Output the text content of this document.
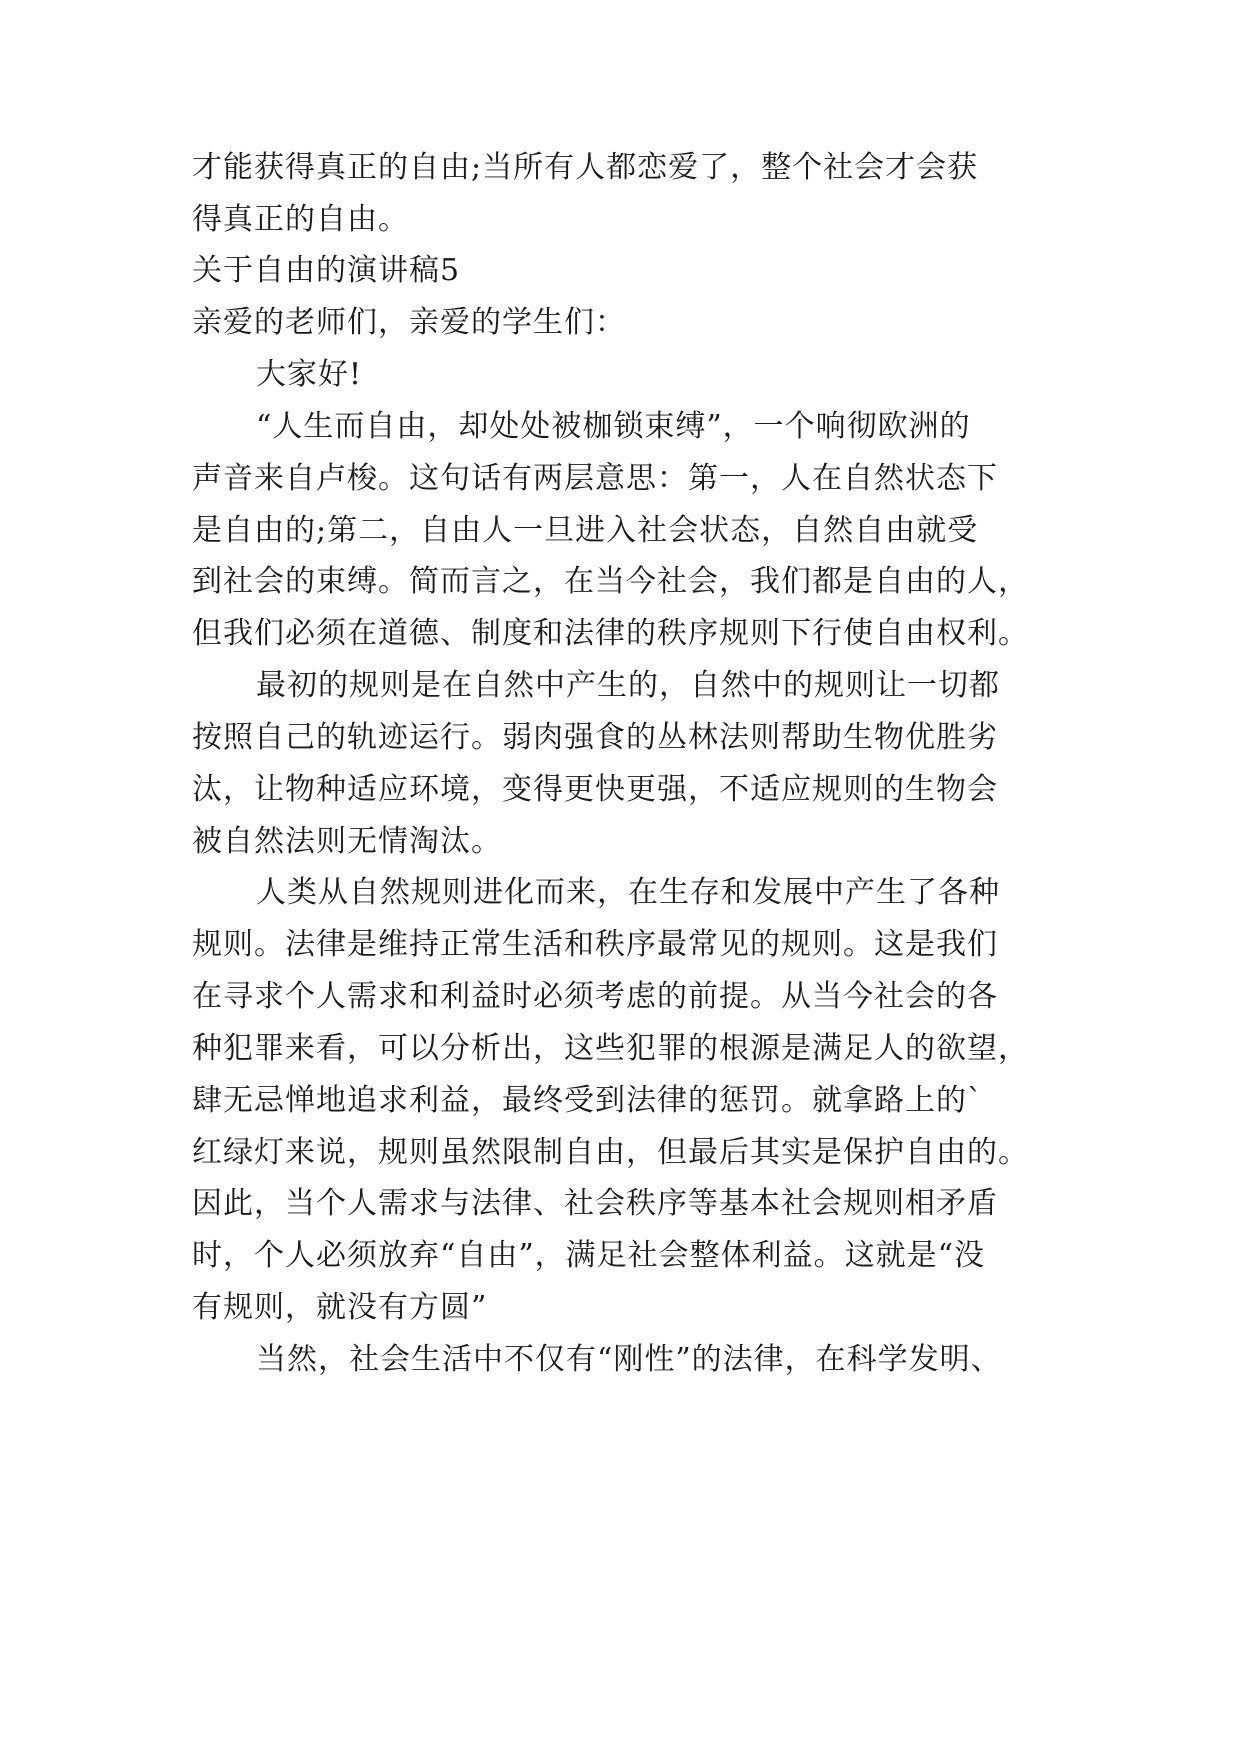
才能获得真正的自由;当所有人都恋爱了，整个社会才会获
得真正的自由。
关于自由的演讲稿5
亲爱的老师们，亲爱的学生们：
大家好!
“人生而自由，却处处被枷锁束缚”，一个响彻欧洲的
声音来自卢梭。这句话有两层意思：第一，人在自然状态下
是自由的;第二，自由人一旦进入社会状态，自然自由就受
到社会的束缚。简而言之，在当今社会，我们都是自由的人，
但我们必须在道德、制度和法律的秩序规则下行使自由权利。
最初的规则是在自然中产生的，自然中的规则让一切都
按照自己的轨迹运行。弱肉强食的丛林法则帮助生物优胜劣
汰，让物种适应环境，变得更快更强，不适应规则的生物会
被自然法则无情淘汰。
人类从自然规则进化而来，在生存和发展中产生了各种
规则。法律是维持正常生活和秩序最常见的规则。这是我们
在寻求个人需求和利益时必须考虑的前提。从当今社会的各
种犯罪来看，可以分析出，这些犯罪的根源是满足人的欲望，
肆无忌惮地追求利益，最终受到法律的惩罚。就拿路上的`
红绿灯来说，规则虽然限制自由，但最后其实是保护自由的。
因此，当个人需求与法律、社会秩序等基本社会规则相矛盾
时，个人必须放弃“自由”，满足社会整体利益。这就是“没
有规则，就没有方圆”
当然，社会生活中不仅有“刚性”的法律，在科学发明、
